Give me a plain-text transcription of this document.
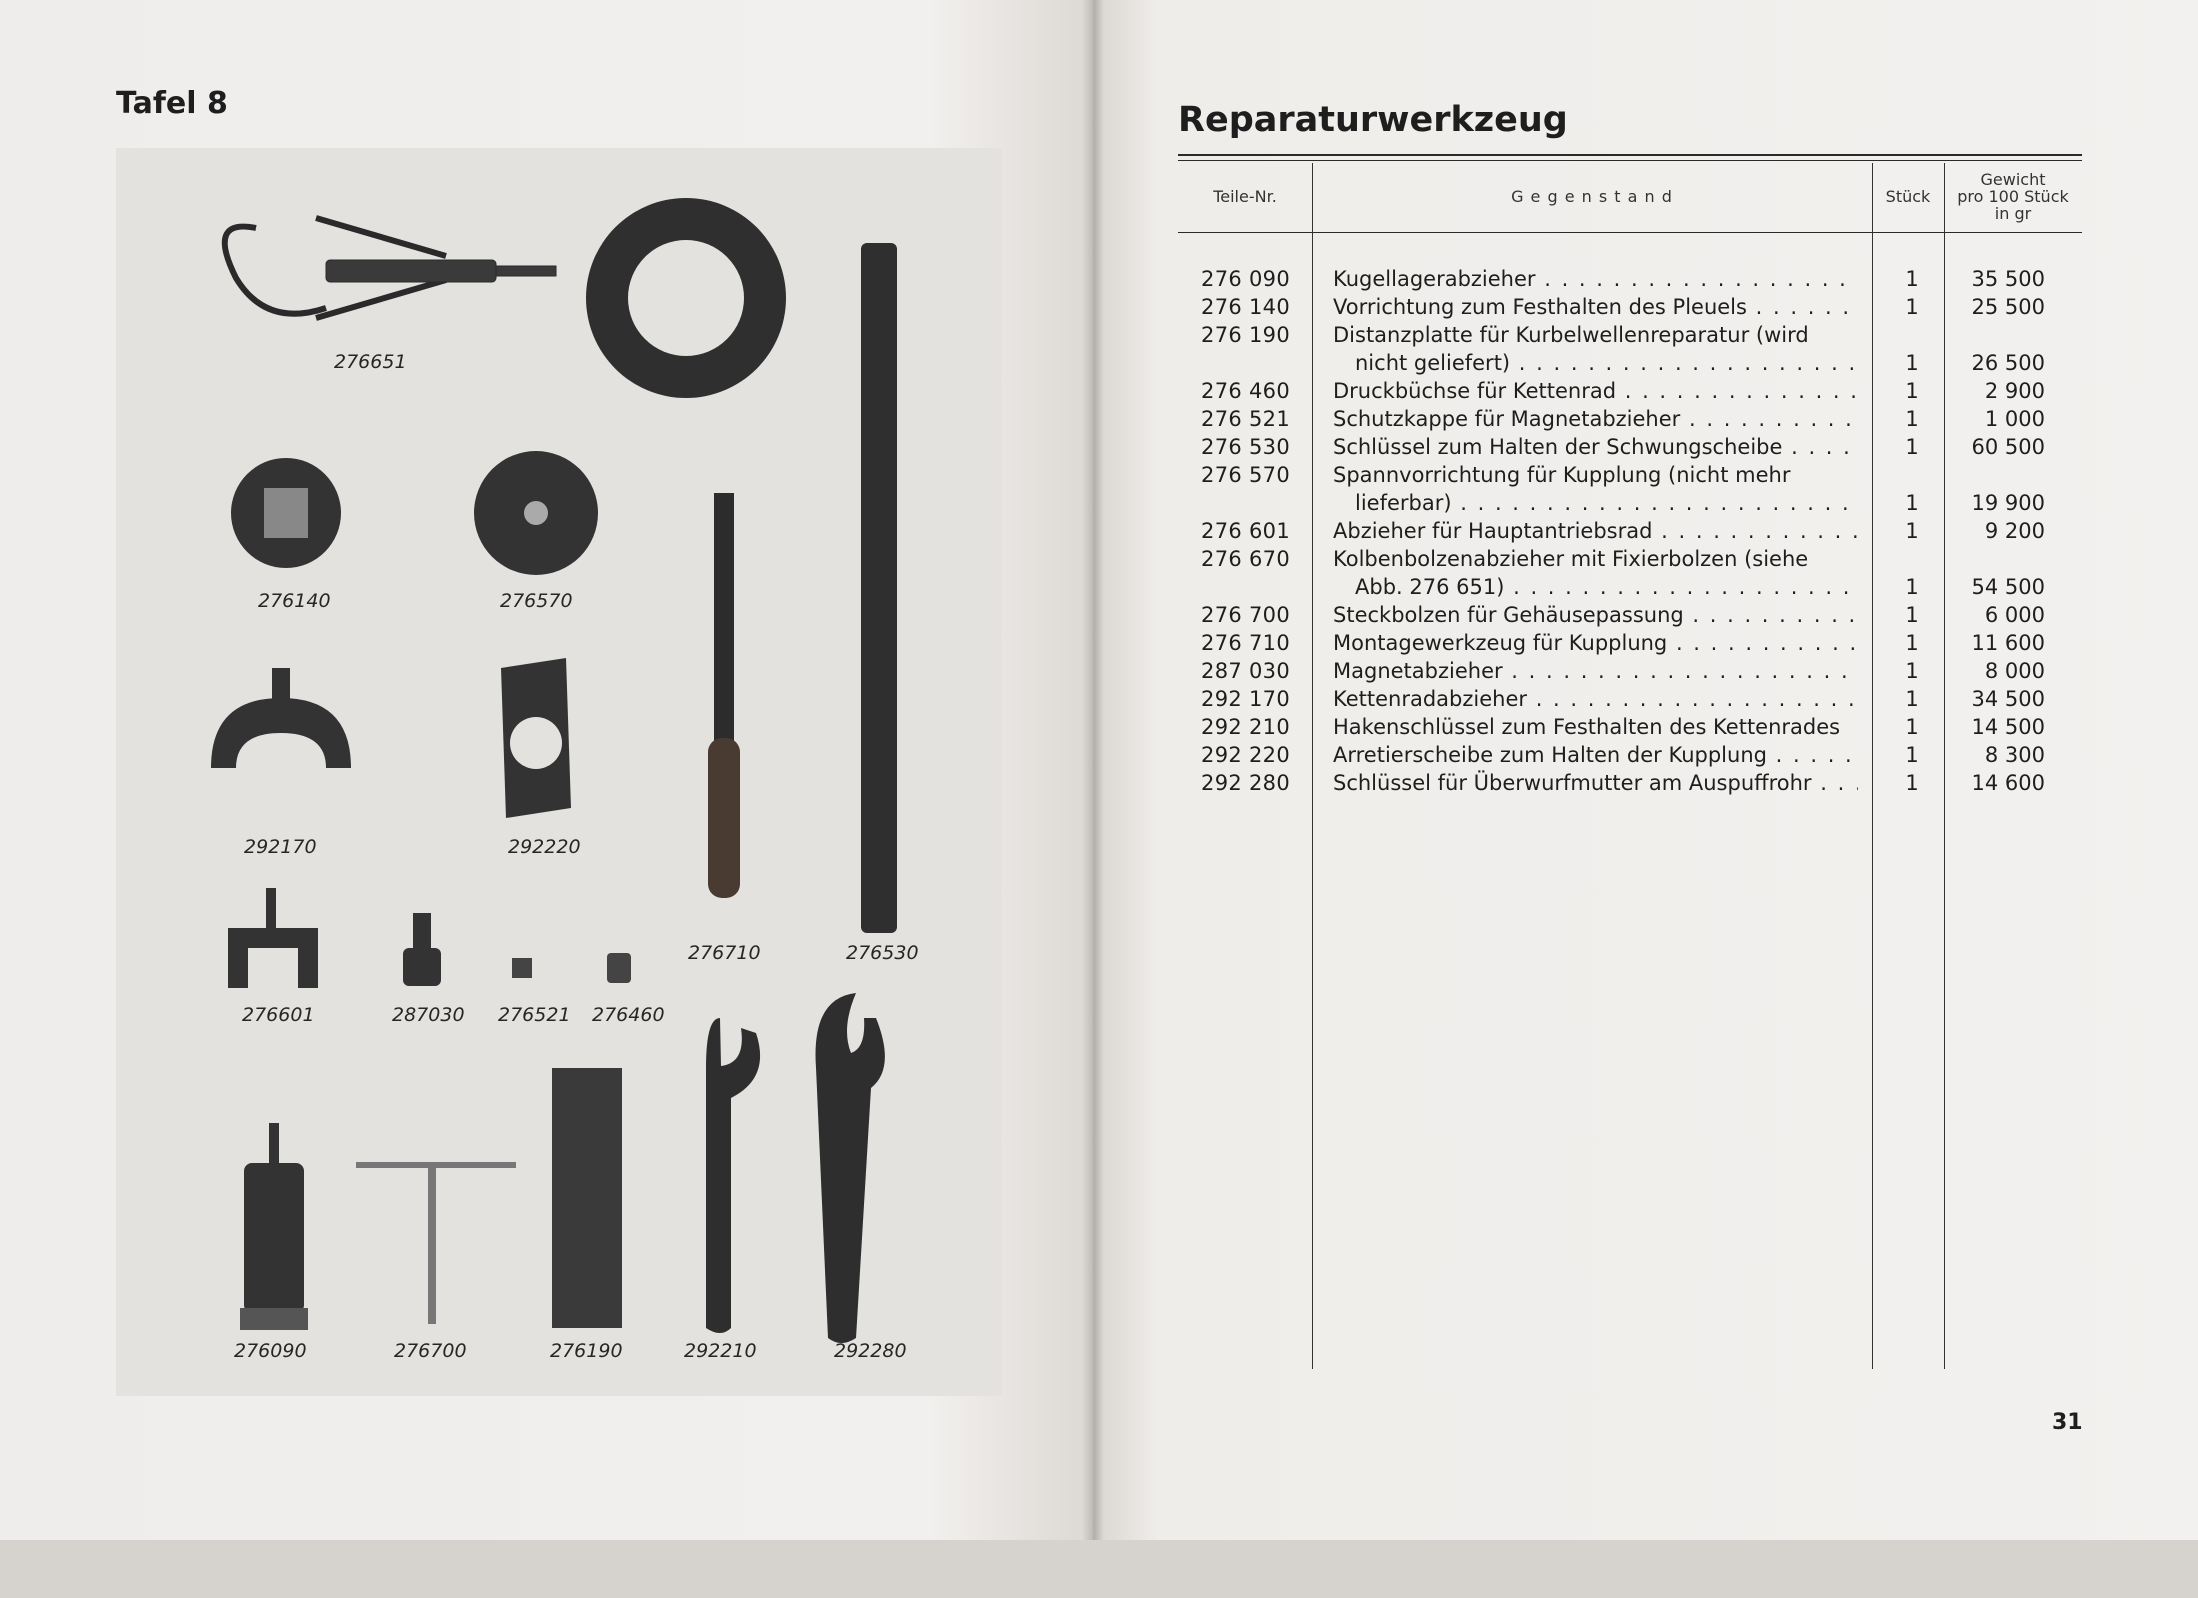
Tafel 8
276651
276140	276570
292170	292220
276710	276530
276601	287030 276521 276460
276090	276700	276190	292210	292280
Reparaturwerkzeug
Teile-Nr.	G e g e n s t a n d	Stück
Gewicht
pro 100 Stück
in gr
276 090 Kugellagerabzieher . . .	1	35 500
276 140 Vorrichtung zum Festhalten des Pleuels . . .	1	25 500
276 190 Distanzplatte für Kurbelwellenreparatur (wird
nicht geliefert) . . .	1	26 500
276 460 Druckbüchse für Kettenrad . . .	1	2 900
276 521 Schutzkappe für Magnetabzieher . . .	1	1 000
276 530 Schlüssel zum Halten der Schwungscheibe . . .	1	60 500
276 570 Spannvorrichtung für Kupplung (nicht mehr
lieferbar) . . .	1	19 900
276 601 Abzieher für Hauptantriebsrad . . .	1	9 200
276 670 Kolbenbolzenabzieher mit Fixierbolzen (siehe
Abb. 276 651) . . .	1	54 500
276 700 Steckbolzen für Gehäusepassung . . .	1	6 000
276 710 Montagewerkzeug für Kupplung . . .	1	11 600
287 030 Magnetabzieher . . .	1	8 000
292 170 Kettenradabzieher . . .	1	34 500
292 210 Hakenschlüssel zum Festhalten des Kettenrades	1	14 500
292 220 Arretierscheibe zum Halten der Kupplung . . .	1	8 300
292 280 Schlüssel für Überwurfmutter am Auspuffrohr . . .	1	14 600
31
